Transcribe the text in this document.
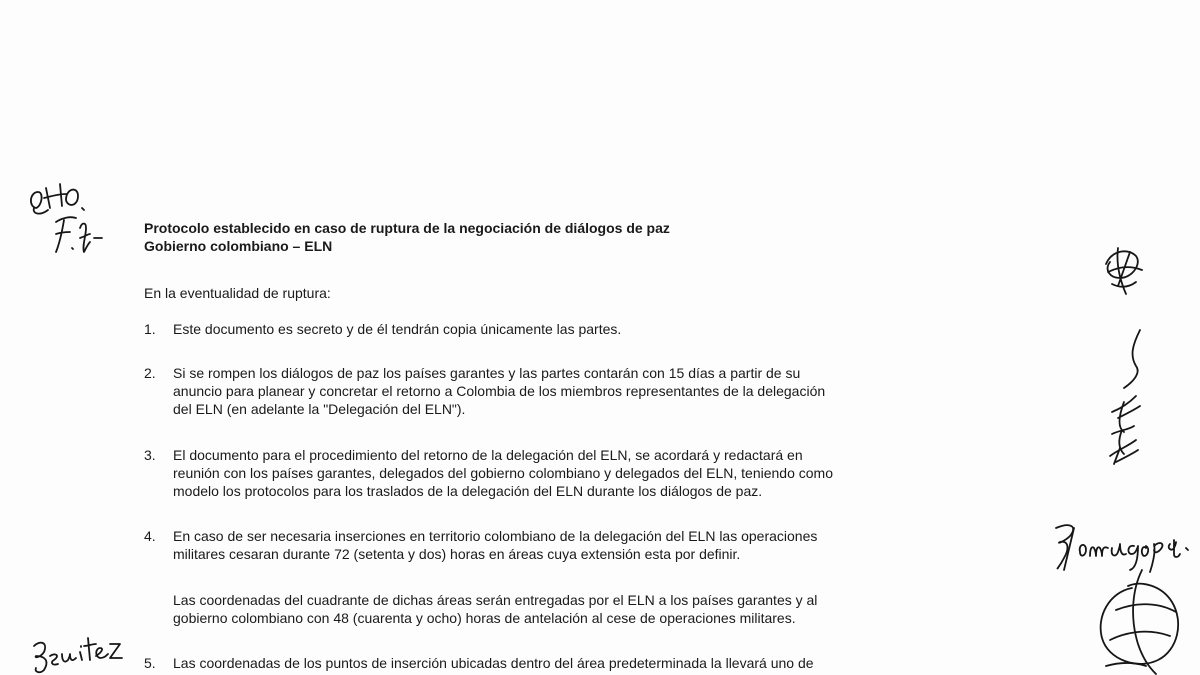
Protocolo establecido en caso de ruptura de la negociación de diálogos de paz
Gobierno colombiano – ELN
En la eventualidad de ruptura:
1. Este documento es secreto y de él tendrán copia únicamente las partes.
2. Si se rompen los diálogos de paz los países garantes y las partes contarán con 15 días a partir de su
anuncio para planear y concretar el retorno a Colombia de los miembros representantes de la delegación
del ELN (en adelante la "Delegación del ELN").
3. El documento para el procedimiento del retorno de la delegación del ELN, se acordará y redactará en
reunión con los países garantes, delegados del gobierno colombiano y delegados del ELN, teniendo como
modelo los protocolos para los traslados de la delegación del ELN durante los diálogos de paz.
4. En caso de ser necesaria inserciones en territorio colombiano de la delegación del ELN las operaciones
militares cesaran durante 72 (setenta y dos) horas en áreas cuya extensión esta por definir.
Las coordenadas del cuadrante de dichas áreas serán entregadas por el ELN a los países garantes y al
gobierno colombiano con 48 (cuarenta y ocho) horas de antelación al cese de operaciones militares.
5. Las coordenadas de los puntos de inserción ubicadas dentro del área predeterminada la llevará uno de
